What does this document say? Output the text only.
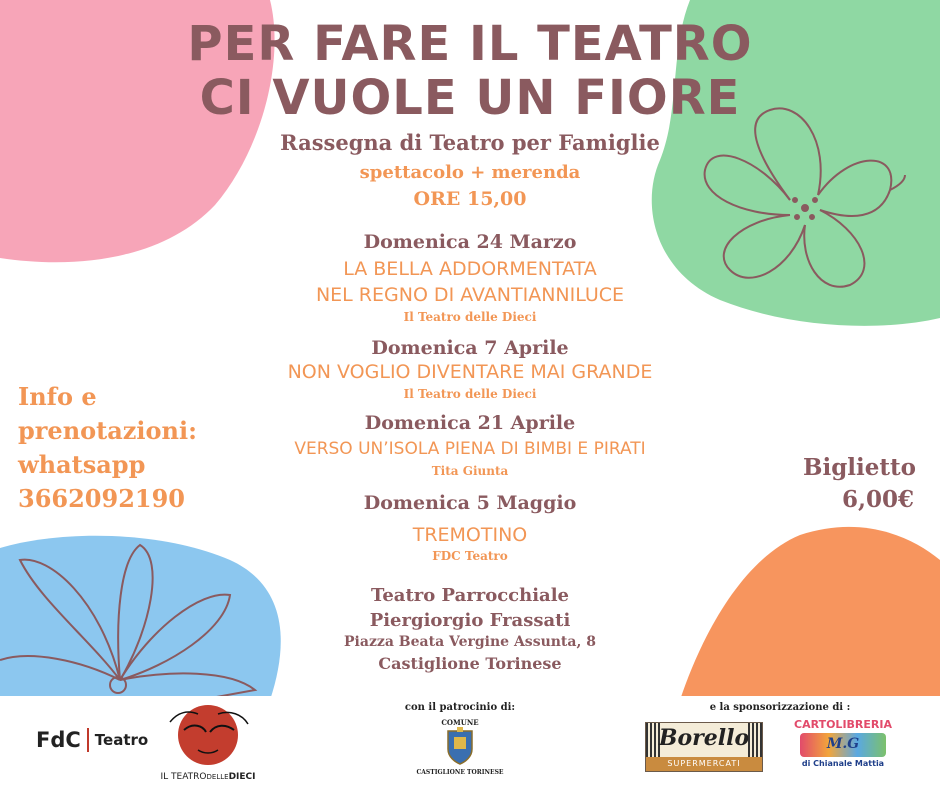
PER FARE IL TEATRO
CI VUOLE UN FIORE
Rassegna di Teatro per Famiglie
spettacolo + merenda
ORE 15,00
Domenica 24 Marzo
LA BELLA ADDORMENTATA
NEL REGNO DI AVANTIANNILUCE
Il Teatro delle Dieci
Domenica 7 Aprile
NON VOGLIO DIVENTARE MAI GRANDE
Il Teatro delle Dieci
Domenica 21 Aprile
VERSO UN’ISOLA PIENA DI BIMBI E PIRATI
Tita Giunta
Domenica 5 Maggio
TREMOTINO
FDC Teatro
Teatro Parrocchiale
Piergiorgio Frassati
Piazza Beata Vergine Assunta, 8
Castiglione Torinese
Info e
prenotazioni:
whatsapp
3662092190
Biglietto
6,00€
FdC Teatro
IL TEATRODELLEDIECI
con il patrocinio di:
COMUNE
CASTIGLIONE TORINESE
e la sponsorizzazione di :
Borello
SUPERMERCATI
CARTOLIBRERIA
M.G
di Chianale Mattia
